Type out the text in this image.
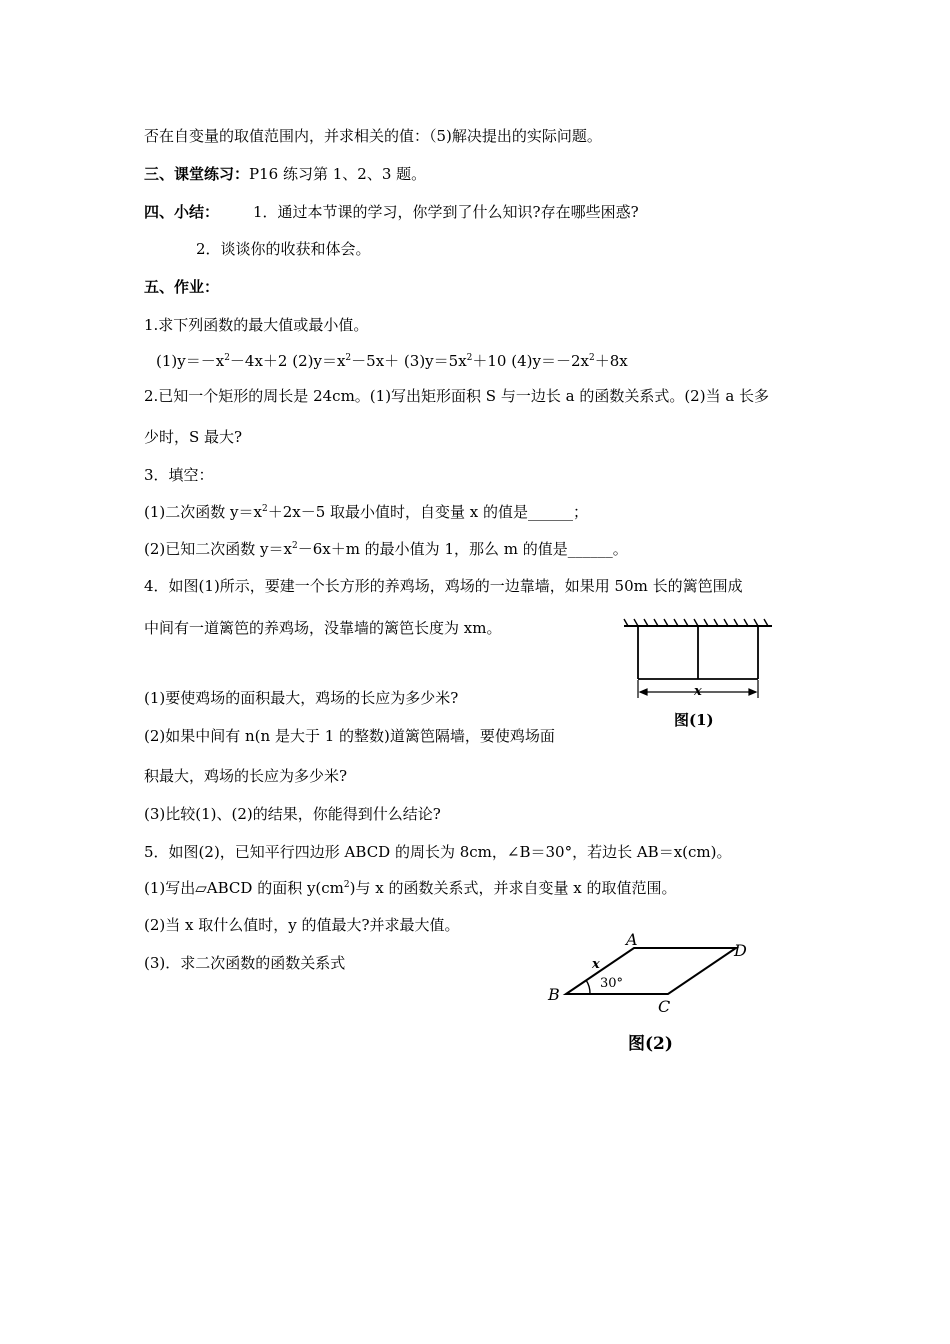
否在自变量的取值范围内，并求相关的值：（5)解决提出的实际问题。
三、课堂练习：P16 练习第 1、2、3 题。
四、小结： 1．通过本节课的学习，你学到了什么知识?存在哪些困惑?
2．谈谈你的收获和体会。
五、作业：
1.求下列函数的最大值或最小值。
$(1)y=-x^2-4x+2$ $(2)y=x^2-5x+ (3)y=5x^2+10$ $(4)y=-2x^2+8x$
2.已知一个矩形的周长是 24cm。(1)写出矩形面积 S 与一边长 a 的函数关系式。(2)当 a 长多
少时，S 最大?
3．填空：
(1)二次函数 $y=x^2+2x-5$ 取最小值时，自变量 x 的值是______；
(2)已知二次函数 $y=x^2-6x+m$ 的最小值为 1，那么 m 的值是______。
4．如图(1)所示，要建一个长方形的养鸡场，鸡场的一边靠墙，如果用 50m 长的篱笆围成
中间有一道篱笆的养鸡场，没靠墙的篱笆长度为 xm。
(1)要使鸡场的面积最大，鸡场的长应为多少米?
(2)如果中间有 n(n 是大于 1 的整数)道篱笆隔墙，要使鸡场面
积最大，鸡场的长应为多少米?
(3)比较(1)、(2)的结果，你能得到什么结论?
5．如图(2)，已知平行四边形 ABCD 的周长为 8cm，∠B＝30°，若边长 AB＝x(cm)。
(1)写出▱ABCD 的面积 $y(cm^2)$与 x 的函数关系式，并求自变量 x 的取值范围。
(2)当 x 取什么值时，y 的值最大?并求最大值。
(3)．求二次函数的函数关系式
x
图(1)
A
B
C
D
x
30°
图(2)
